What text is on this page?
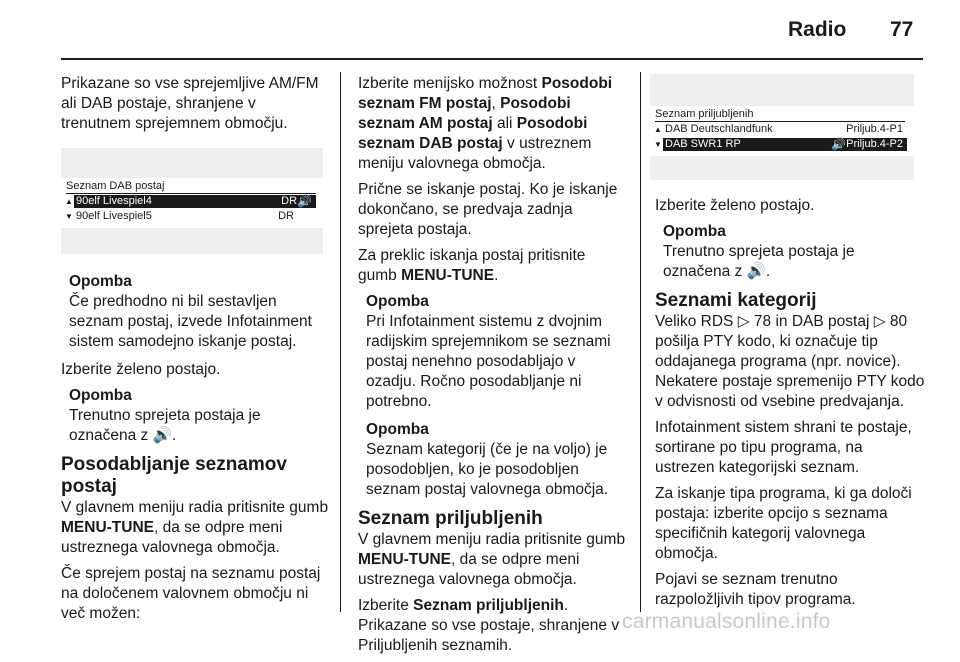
Radio 77

Prikazane so vse sprejemljive AM/FM ali DAB postaje, shranjene v trenutnem sprejemnem območju.

Seznam DAB postaj
▲ 90elf Livespiel4	DR 🔊
▼ 90elf Livespiel5	DR
Opomba
Če predhodno ni bil sestavljen
seznam postaj, izvede Infotainment
sistem samodejno iskanje postaj.

Izberite želeno postajo.

Opomba
Trenutno sprejeta postaja je
označena z 🔊.
Posodabljanje seznamov postaj

V glavnem meniju radia pritisnite gumb MENU-TUNE, da se odpre meni ustreznega valovnega območja.

Če sprejem postaj na seznamu postaj na določenem valovnem območju ni več možen:

Izberite menijsko možnost Posodobi seznam FM postaj, Posodobi seznam AM postaj ali Posodobi seznam DAB postaj v ustreznem meniju valovnega območja.

Prične se iskanje postaj. Ko je iskanje dokončano, se predvaja zadnja sprejeta postaja.

Za preklic iskanja postaj pritisnite gumb MENU-TUNE.

Opomba
Pri Infotainment sistemu z dvojnim
radijskim sprejemnikom se seznami
postaj nenehno posodabljajo v
ozadju. Ročno posodabljanje ni
potrebno.
Opomba
Seznam kategorij (če je na voljo) je
posodobljen, ko je posodobljen
seznam postaj valovnega območja.
Seznam priljubljenih

V glavnem meniju radia pritisnite gumb MENU-TUNE, da se odpre meni ustreznega valovnega območja.

Izberite Seznam priljubljenih.
Prikazane so vse postaje, shranjene v Priljubljenih seznamih.

Seznam priljubljenih
▲ DAB Deutschlandfunk	Prilјub.4-P1
▼ DAB SWR1 RP	🔊 Priljub.4-P2

Izberite želeno postajo.

Opomba
Trenutno sprejeta postaja je
označena z 🔊.
Seznami kategorij

Veliko RDS ▷ 78 in DAB postaj ▷ 80 pošilja PTY kodo, ki označuje tip oddajanega programa (npr. novice). Nekatere postaje spremenijo PTY kodo v odvisnosti od vsebine predvajanja.

Infotainment sistem shrani te postaje, sortirane po tipu programa, na ustrezen kategorijski seznam.

Za iskanje tipa programa, ki ga določi postaja: izberite opcijo s seznama specifičnih kategorij valovnega območja.

Pojavi se seznam trenutno razpoložljivih tipov programa.

carmanualsonline.info
